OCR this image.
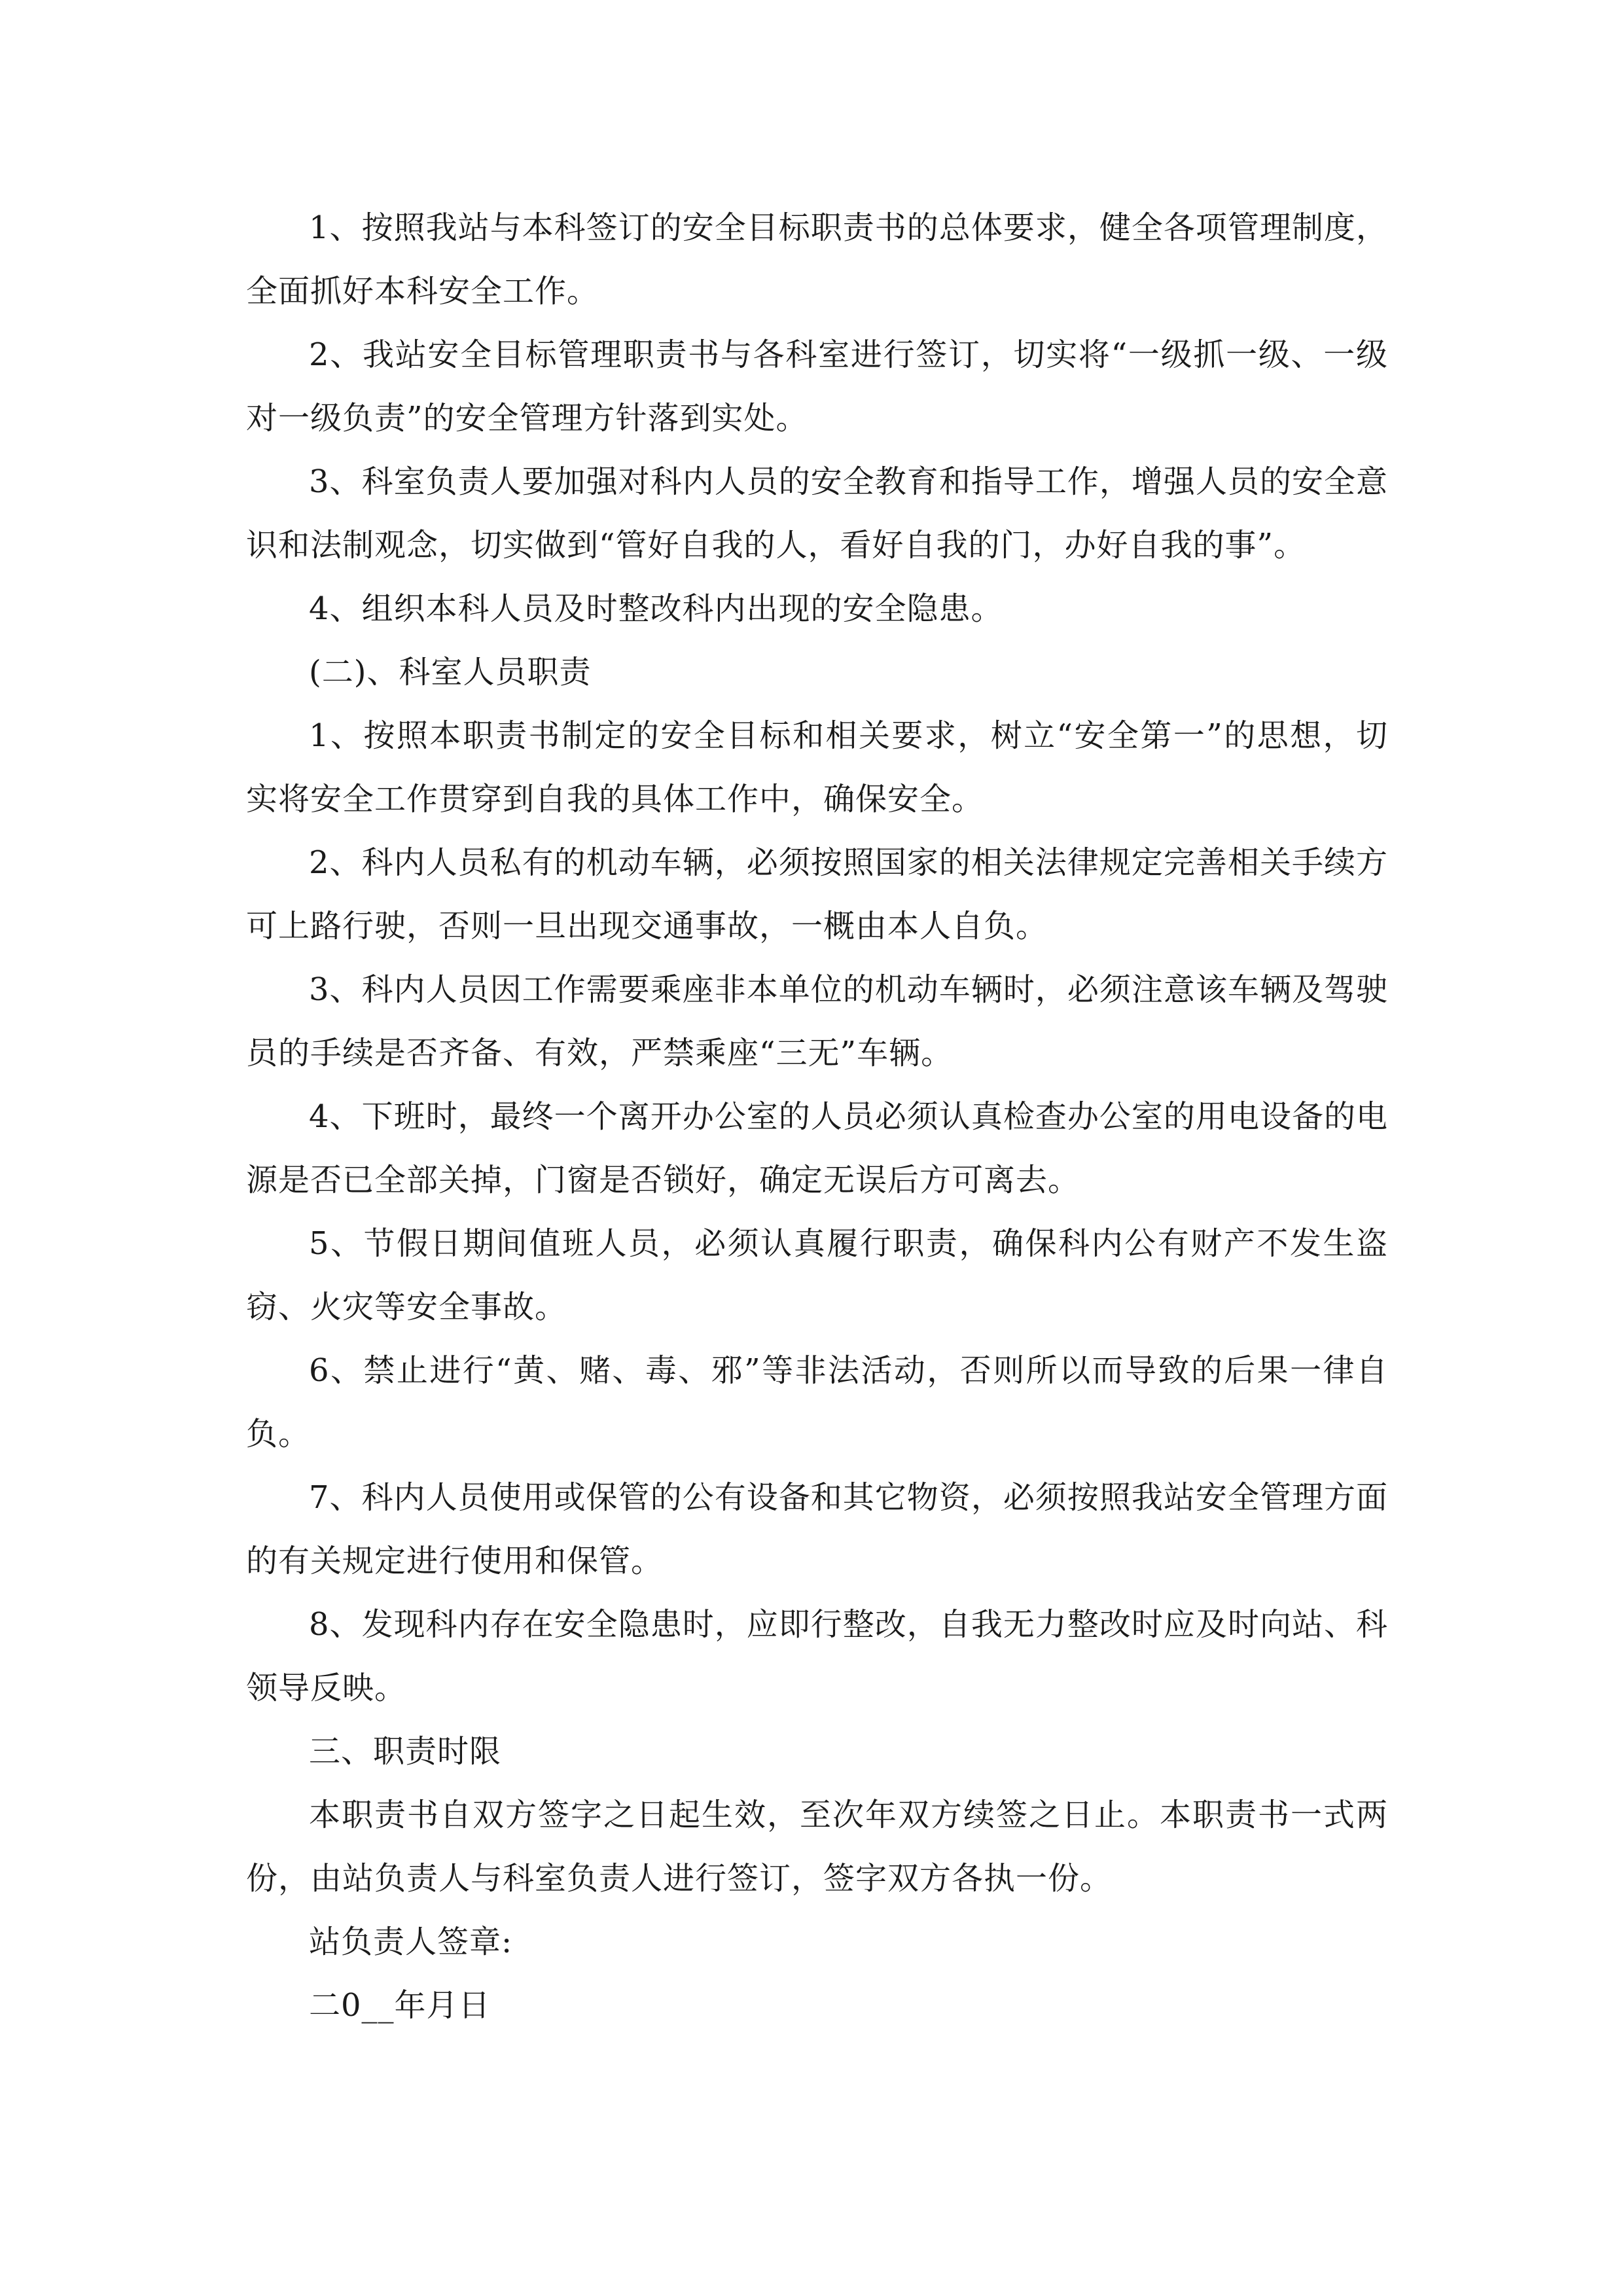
1、按照我站与本科签订的安全目标职责书的总体要求，健全各项管理制度，全面抓好本科安全工作。

2、我站安全目标管理职责书与各科室进行签订，切实将“一级抓一级、一级对一级负责”的安全管理方针落到实处。

3、科室负责人要加强对科内人员的安全教育和指导工作，增强人员的安全意识和法制观念，切实做到“管好自我的人，看好自我的门，办好自我的事”。

4、组织本科人员及时整改科内出现的安全隐患。

(二)、科室人员职责

1、按照本职责书制定的安全目标和相关要求，树立“安全第一”的思想，切实将安全工作贯穿到自我的具体工作中，确保安全。

2、科内人员私有的机动车辆，必须按照国家的相关法律规定完善相关手续方可上路行驶，否则一旦出现交通事故，一概由本人自负。

3、科内人员因工作需要乘座非本单位的机动车辆时，必须注意该车辆及驾驶员的手续是否齐备、有效，严禁乘座“三无”车辆。

4、下班时，最终一个离开办公室的人员必须认真检查办公室的用电设备的电源是否已全部关掉，门窗是否锁好，确定无误后方可离去。

5、节假日期间值班人员，必须认真履行职责，确保科内公有财产不发生盗窃、火灾等安全事故。

6、禁止进行“黄、赌、毒、邪”等非法活动，否则所以而导致的后果一律自负。

7、科内人员使用或保管的公有设备和其它物资，必须按照我站安全管理方面的有关规定进行使用和保管。

8、发现科内存在安全隐患时，应即行整改，自我无力整改时应及时向站、科领导反映。

三、职责时限

本职责书自双方签字之日起生效，至次年双方续签之日止。本职责书一式两份，由站负责人与科室负责人进行签订，签字双方各执一份。

站负责人签章:

二0__年月日
